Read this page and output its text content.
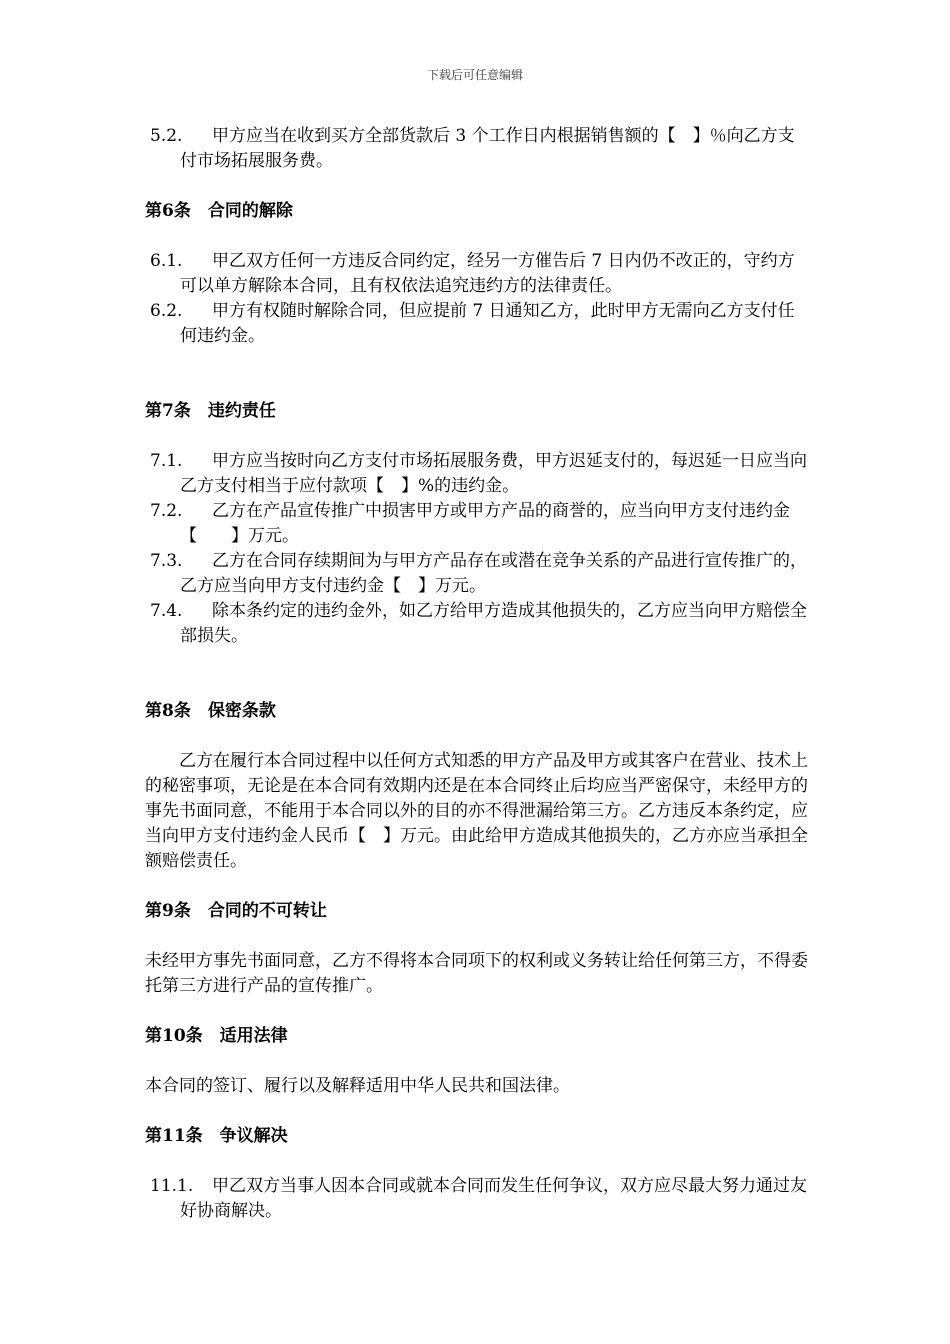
下载后可任意编辑
5.2.	甲方应当在收到买方全部货款后 3 个工作日内根据销售额的【　】％向乙方支付市场拓展服务费。

第6条　合同的解除

6.1.	甲乙双方任何一方违反合同约定，经另一方催告后 7 日内仍不改正的，守约方可以单方解除本合同，且有权依法追究违约方的法律责任。
6.2.	甲方有权随时解除合同，但应提前 7 日通知乙方，此时甲方无需向乙方支付任何违约金。

第7条　违约责任

7.1.	甲方应当按时向乙方支付市场拓展服务费，甲方迟延支付的，每迟延一日应当向乙方支付相当于应付款项【　】%的违约金。
7.2.	乙方在产品宣传推广中损害甲方或甲方产品的商誉的，应当向甲方支付违约金【　　】万元。
7.3.	乙方在合同存续期间为与甲方产品存在或潜在竞争关系的产品进行宣传推广的，乙方应当向甲方支付违约金【　】万元。
7.4.	除本条约定的违约金外，如乙方给甲方造成其他损失的，乙方应当向甲方赔偿全部损失。

第8条　保密条款

乙方在履行本合同过程中以任何方式知悉的甲方产品及甲方或其客户在营业、技术上的秘密事项，无论是在本合同有效期内还是在本合同终止后均应当严密保守，未经甲方的事先书面同意，不能用于本合同以外的目的亦不得泄漏给第三方。乙方违反本条约定，应当向甲方支付违约金人民币【　】万元。由此给甲方造成其他损失的，乙方亦应当承担全额赔偿责任。

第9条　合同的不可转让

未经甲方事先书面同意，乙方不得将本合同项下的权利或义务转让给任何第三方，不得委托第三方进行产品的宣传推广。

第10条　适用法律

本合同的签订、履行以及解释适用中华人民共和国法律。

第11条　争议解决

11.1.	甲乙双方当事人因本合同或就本合同而发生任何争议，双方应尽最大努力通过友好协商解决。
